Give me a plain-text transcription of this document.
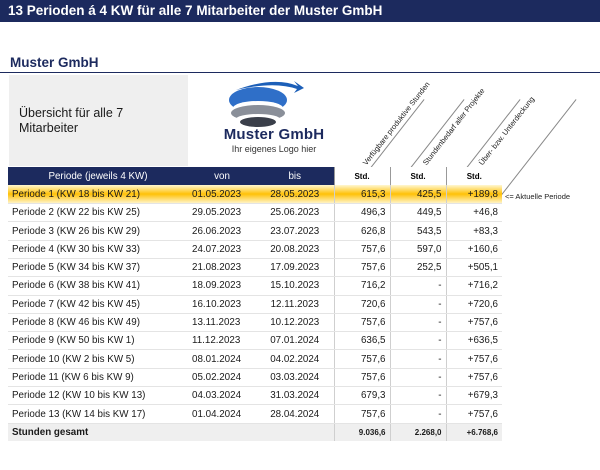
13 Perioden á 4 KW für alle 7 Mitarbeiter der Muster GmbH
Muster GmbH
Übersicht für alle 7 Mitarbeiter	Muster GmbH
Ihr eigenes Logo hier	Verfügbare produktive Stunden
Stundenbedarf aller Projekte
Über- bzw. Unterdeckung
Periode (jeweils 4 KW)	von	bis	Std.	Std.	Std.
Periode 1 (KW 18 bis KW 21)	01.05.2023	28.05.2023	615,3	425,5	+189,8
Periode 2 (KW 22 bis KW 25)	29.05.2023	25.06.2023	496,3	449,5	+46,8
Periode 3 (KW 26 bis KW 29)	26.06.2023	23.07.2023	626,8	543,5	+83,3
Periode 4 (KW 30 bis KW 33)	24.07.2023	20.08.2023	757,6	597,0	+160,6
Periode 5 (KW 34 bis KW 37)	21.08.2023	17.09.2023	757,6	252,5	+505,1
Periode 6 (KW 38 bis KW 41)	18.09.2023	15.10.2023	716,2	-	+716,2
Periode 7 (KW 42 bis KW 45)	16.10.2023	12.11.2023	720,6	-	+720,6
Periode 8 (KW 46 bis KW 49)	13.11.2023	10.12.2023	757,6	-	+757,6
Periode 9 (KW 50 bis KW 1)	11.12.2023	07.01.2024	636,5	-	+636,5
Periode 10 (KW 2 bis KW 5)	08.01.2024	04.02.2024	757,6	-	+757,6
Periode 11 (KW 6 bis KW 9)	05.02.2024	03.03.2024	757,6	-	+757,6
Periode 12 (KW 10 bis KW 13)	04.03.2024	31.03.2024	679,3	-	+679,3
Periode 13 (KW 14 bis KW 17)	01.04.2024	28.04.2024	757,6	-	+757,6
Stunden gesamt			9.036,6	2.268,0	+6.768,6
<= Aktuelle Periode
